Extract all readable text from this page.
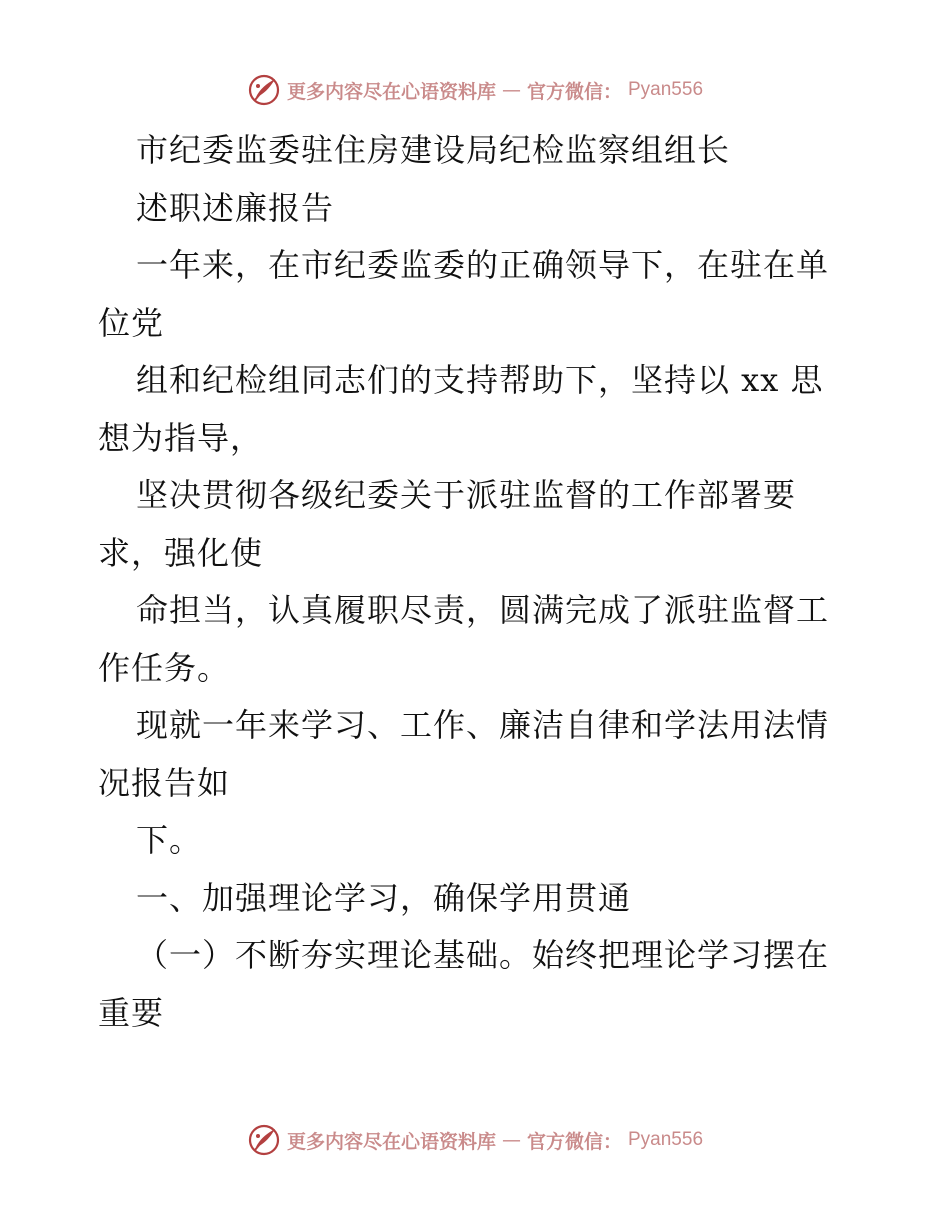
更多内容尽在心语资料库 — 官方微信： Pyan556
市纪委监委驻住房建设局纪检监察组组长
述职述廉报告
一年来，在市纪委监委的正确领导下，在驻在单
位党
组和纪检组同志们的支持帮助下，坚持以 xx 思
想为指导，
坚决贯彻各级纪委关于派驻监督的工作部署要
求，强化使
命担当，认真履职尽责，圆满完成了派驻监督工
作任务。
现就一年来学习、工作、廉洁自律和学法用法情
况报告如
下。
一、加强理论学习，确保学用贯通
（一）不断夯实理论基础。始终把理论学习摆在
重要
更多内容尽在心语资料库 — 官方微信： Pyan556
